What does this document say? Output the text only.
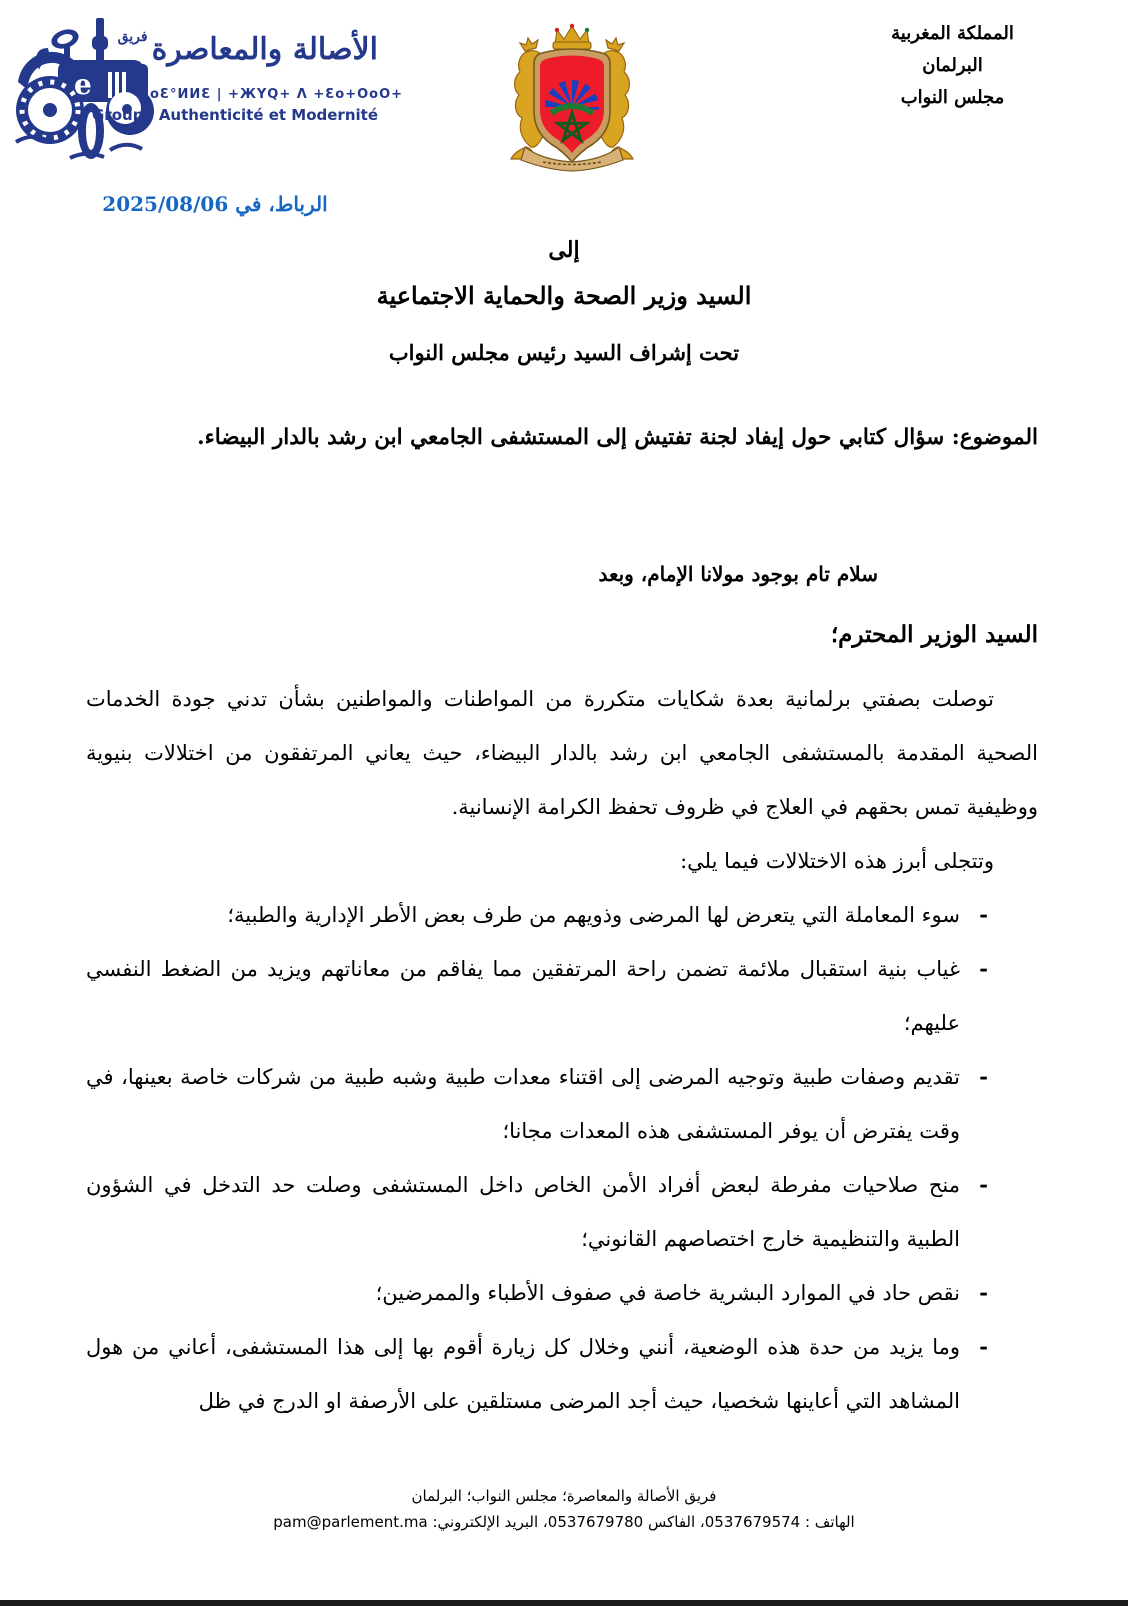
e
الأصالة والمعاصرة$^{فريق}$
oƐ°ИИƐ | +ЖYQ+ Λ +Ɛo+OoO+
Groupe Authenticité et Modernité
المملكة المغربية
البرلمان
مجلس النواب
الرباط، في 2025/08/06
إلى
السيد وزير الصحة والحماية الاجتماعية
تحت إشراف السيد رئيس مجلس النواب
الموضوع: سؤال كتابي حول إيفاد لجنة تفتيش إلى المستشفى الجامعي ابن رشد بالدار البيضاء.
سلام تام بوجود مولانا الإمام، وبعد
السيد الوزير المحترم؛

توصلت بصفتي برلمانية بعدة شكايات متكررة من المواطنات والمواطنين بشأن تدني جودة الخدمات الصحية المقدمة بالمستشفى الجامعي ابن رشد بالدار البيضاء، حيث يعاني المرتفقون من اختلالات بنيوية ووظيفية تمس بحقهم في العلاج في ظروف تحفظ الكرامة الإنسانية.

وتتجلى أبرز هذه الاختلالات فيما يلي:

-
سوء المعاملة التي يتعرض لها المرضى وذويهم من طرف بعض الأطر الإدارية والطبية؛
-
غياب بنية استقبال ملائمة تضمن راحة المرتفقين مما يفاقم من معاناتهم ويزيد من الضغط النفسي عليهم؛
-
تقديم وصفات طبية وتوجيه المرضى إلى اقتناء معدات طبية وشبه طبية من شركات خاصة بعينها، في وقت يفترض أن يوفر المستشفى هذه المعدات مجانا؛
-
منح صلاحيات مفرطة لبعض أفراد الأمن الخاص داخل المستشفى وصلت حد التدخل في الشؤون الطبية والتنظيمية خارج اختصاصهم القانوني؛
-
نقص حاد في الموارد البشرية خاصة في صفوف الأطباء والممرضين؛
-
وما يزيد من حدة هذه الوضعية، أنني وخلال كل زيارة أقوم بها إلى هذا المستشفى، أعاني من هول المشاهد التي أعاينها شخصيا، حيث أجد المرضى مستلقين على الأرصفة او الدرج في ظل
فريق الأصالة والمعاصرة؛ مجلس النواب؛ البرلمان
الهاتف : 0537679574، الفاكس 0537679780، البريد الإلكتروني: pam@parlement.ma
